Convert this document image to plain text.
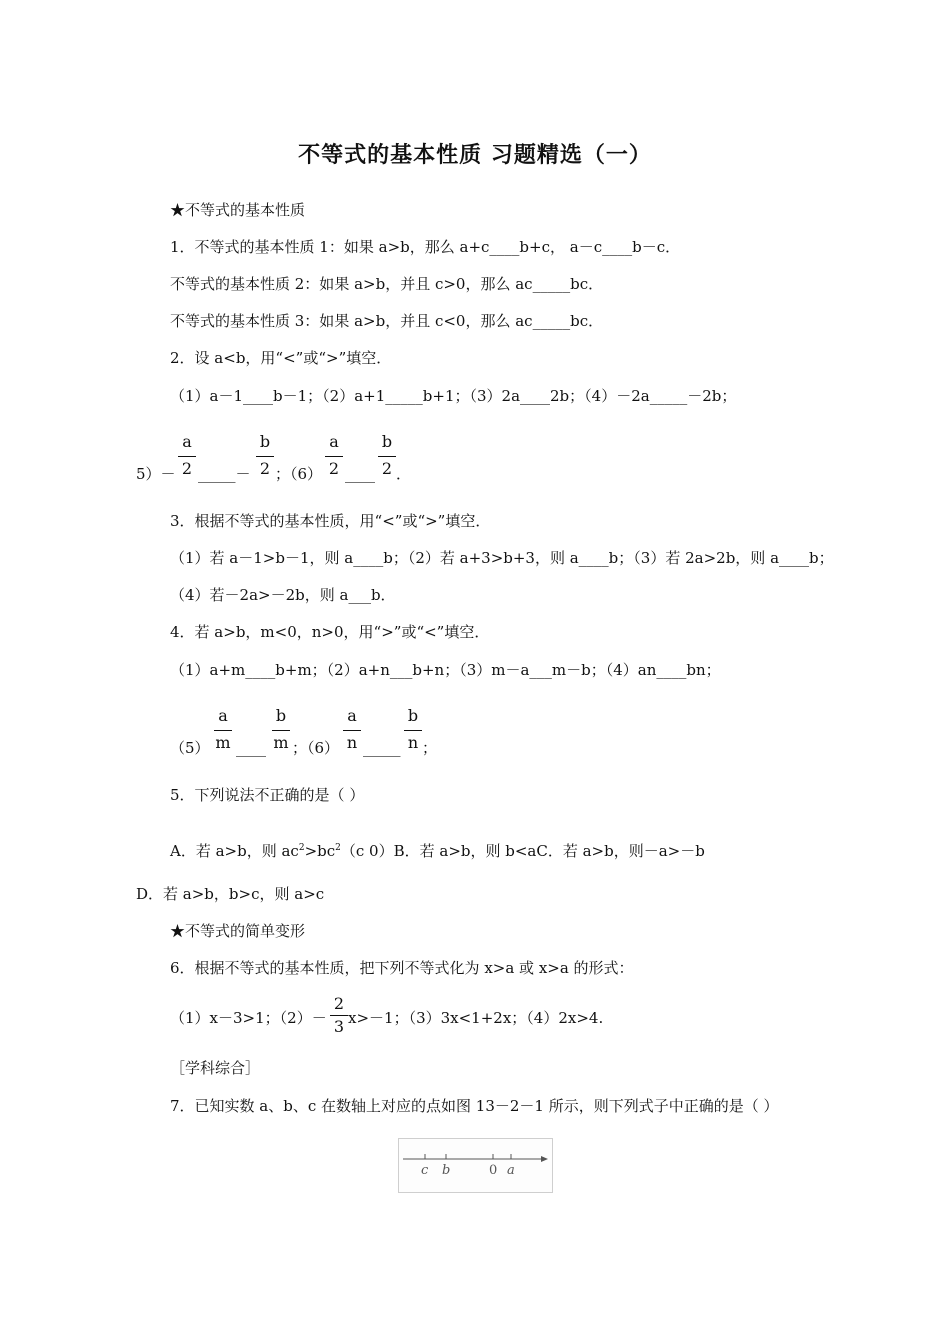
不等式的基本性质 习题精选（一）
★不等式的基本性质
1．不等式的基本性质 1：如果 a>b，那么 a+c____b+c， a－c____b－c．
不等式的基本性质 2：如果 a>b，并且 c>0，那么 ac_____bc．
不等式的基本性质 3：如果 a>b，并且 c<0，那么 ac_____bc．
2．设 a<b，用“<”或“>”填空．
（1）a－1____b－1；（2）a+1_____b+1；（3）2a____2b；（4）－2a_____－2b；
5）－
a
2 _____－
b
2 ；（6）
a
2 ____
b
2 ．
3．根据不等式的基本性质，用“<”或“>”填空．
（1）若 a－1>b－1，则 a____b；（2）若 a+3>b+3，则 a____b；（3）若 2a>2b，则 a____b；
（4）若－2a>－2b，则 a___b．
4．若 a>b，m<0，n>0，用“>”或“<”填空．
（1）a+m____b+m；（2）a+n___b+n；（3）m－a___m－b；（4）an____bn；
（5）
a
m ____
b
m ；（6）
a
n _____
b
n ；
5．下列说法不正确的是（ ）
A．若 a>b，则 $ac^2>bc^2(c$ 0）B．若 a>b，则 b<aC．若 a>b，则－a>－b
D．若 a>b，b>c，则 a>c
★不等式的简单变形
6．根据不等式的基本性质，把下列不等式化为 x>a 或 x>a 的形式：
（1）x－3>1；（2）－
2
3 x>－1；（3）3x<1+2x；（4）2x>4.
［学科综合］
7．已知实数 a、b、c 在数轴上对应的点如图 13－2－1 所示，则下列式子中正确的是（ ）
c b	0 a
